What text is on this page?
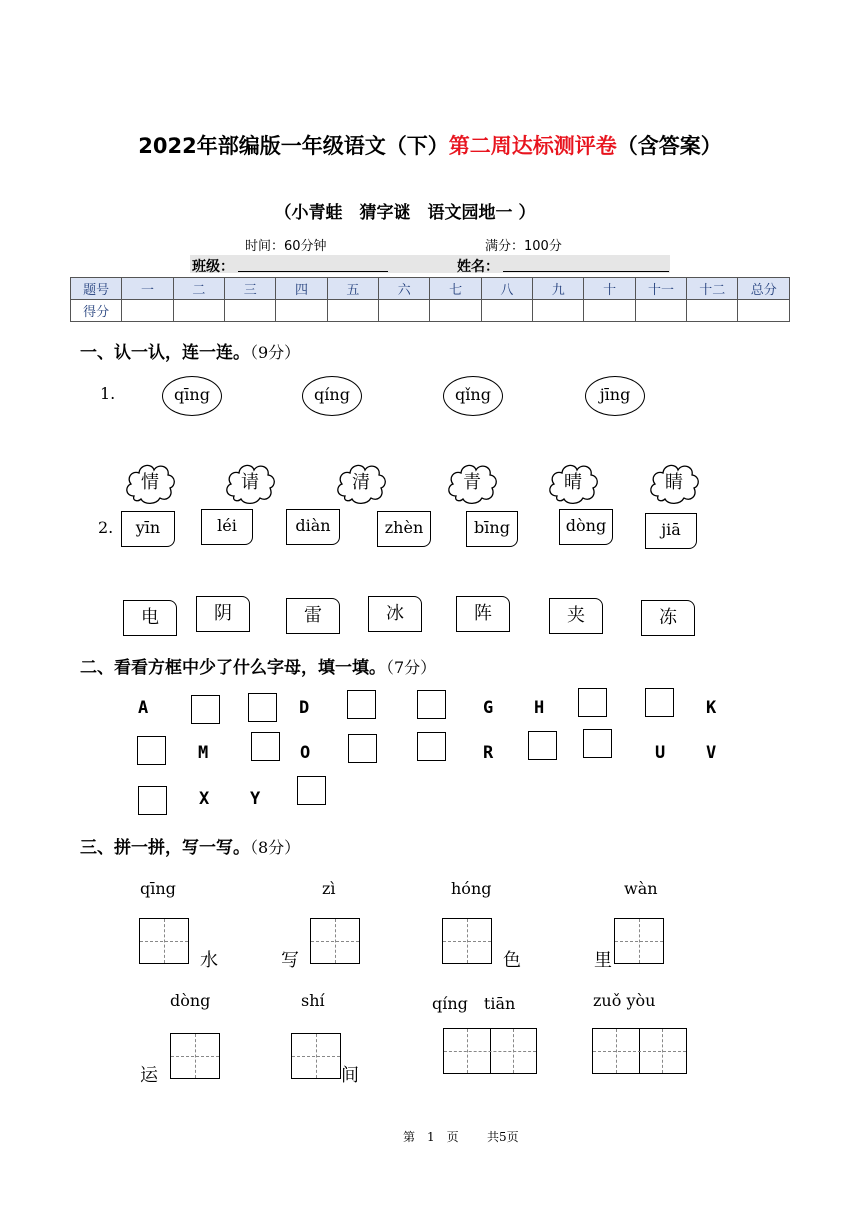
2022年部编版一年级语文（下）第二周达标测评卷（含答案）
（小青蛙　猜字谜　语文园地一 ）
时间：60分钟	满分：100分
班级：	姓名：
题号	一	二	三	四	五	六	七	八	九	十	十一	十二	总分
得分													
一、认一认，连一连。（9分）
1.	qīng	qíng	qǐng	jīng
情	请	清	青	晴	睛
2.	yīn	léi	diàn	zhèn	bīng	dòng	jiā
电	阴	雷	冰	阵	夹	冻
二、看看方框中少了什么字母，填一填。（7分）
A	D	G H	K
M	O	R	U V
X Y
三、拼一拼，写一写。（8分）
qīng	zì	hóng	wàn
水	写	色	里
dòng	shí	qíng　tiān	zuǒ yòu
运	间
第　1　页 共5页
